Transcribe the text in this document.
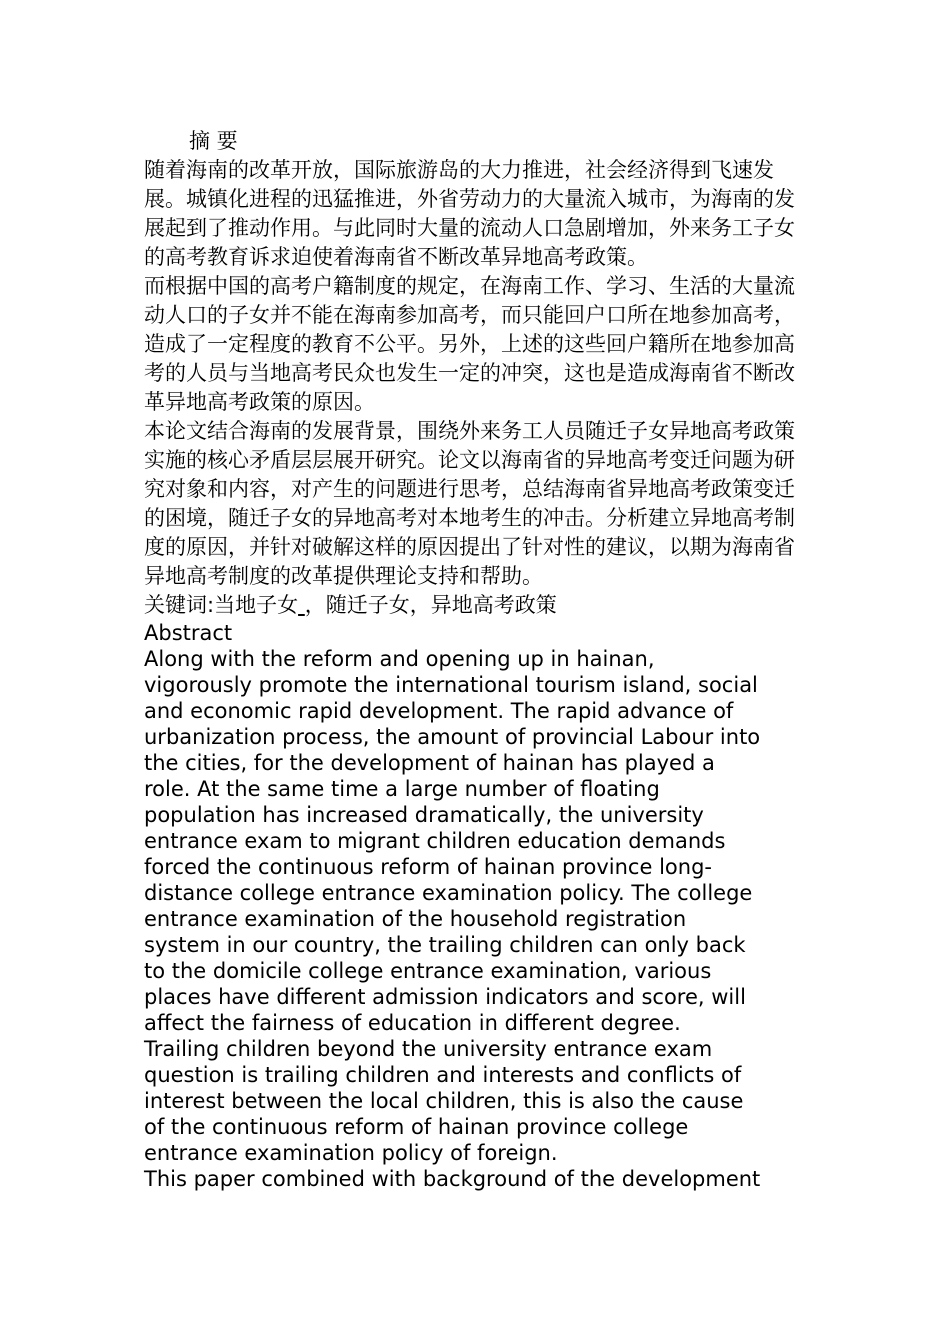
摘 要

随着海南的改革开放，国际旅游岛的大力推进，社会经济得到飞速发展。城镇化进程的迅猛推进，外省劳动力的大量流入城市，为海南的发展起到了推动作用。与此同时大量的流动人口急剧增加，外来务工子女的高考教育诉求迫使着海南省不断改革异地高考政策。

而根据中国的高考户籍制度的规定，在海南工作、学习、生活的大量流动人口的子女并不能在海南参加高考，而只能回户口所在地参加高考，造成了一定程度的教育不公平。另外，上述的这些回户籍所在地参加高考的人员与当地高考民众也发生一定的冲突，这也是造成海南省不断改革异地高考政策的原因。

本论文结合海南的发展背景，围绕外来务工人员随迁子女异地高考政策实施的核心矛盾层层展开研究。论文以海南省的异地高考变迁问题为研究对象和内容，对产生的问题进行思考，总结海南省异地高考政策变迁的困境，随迁子女的异地高考对本地考生的冲击。分析建立异地高考制度的原因，并针对破解这样的原因提出了针对性的建议，以期为海南省异地高考制度的改革提供理论支持和帮助。

关键词:当地子女 ，随迁子女，异地高考政策

Abstract
Along with the reform and opening up in hainan,
vigorously promote the international tourism island, social
and economic rapid development. The rapid advance of
urbanization process, the amount of provincial Labour into
the cities, for the development of hainan has played a
role. At the same time a large number of floating
population has increased dramatically, the university
entrance exam to migrant children education demands
forced the continuous reform of hainan province long-
distance college entrance examination policy. The college
entrance examination of the household registration
system in our country, the trailing children can only back
to the domicile college entrance examination, various
places have different admission indicators and score, will
affect the fairness of education in different degree.
Trailing children beyond the university entrance exam
question is trailing children and interests and conflicts of
interest between the local children, this is also the cause
of the continuous reform of hainan province college
entrance examination policy of foreign.
This paper combined with background of the development
